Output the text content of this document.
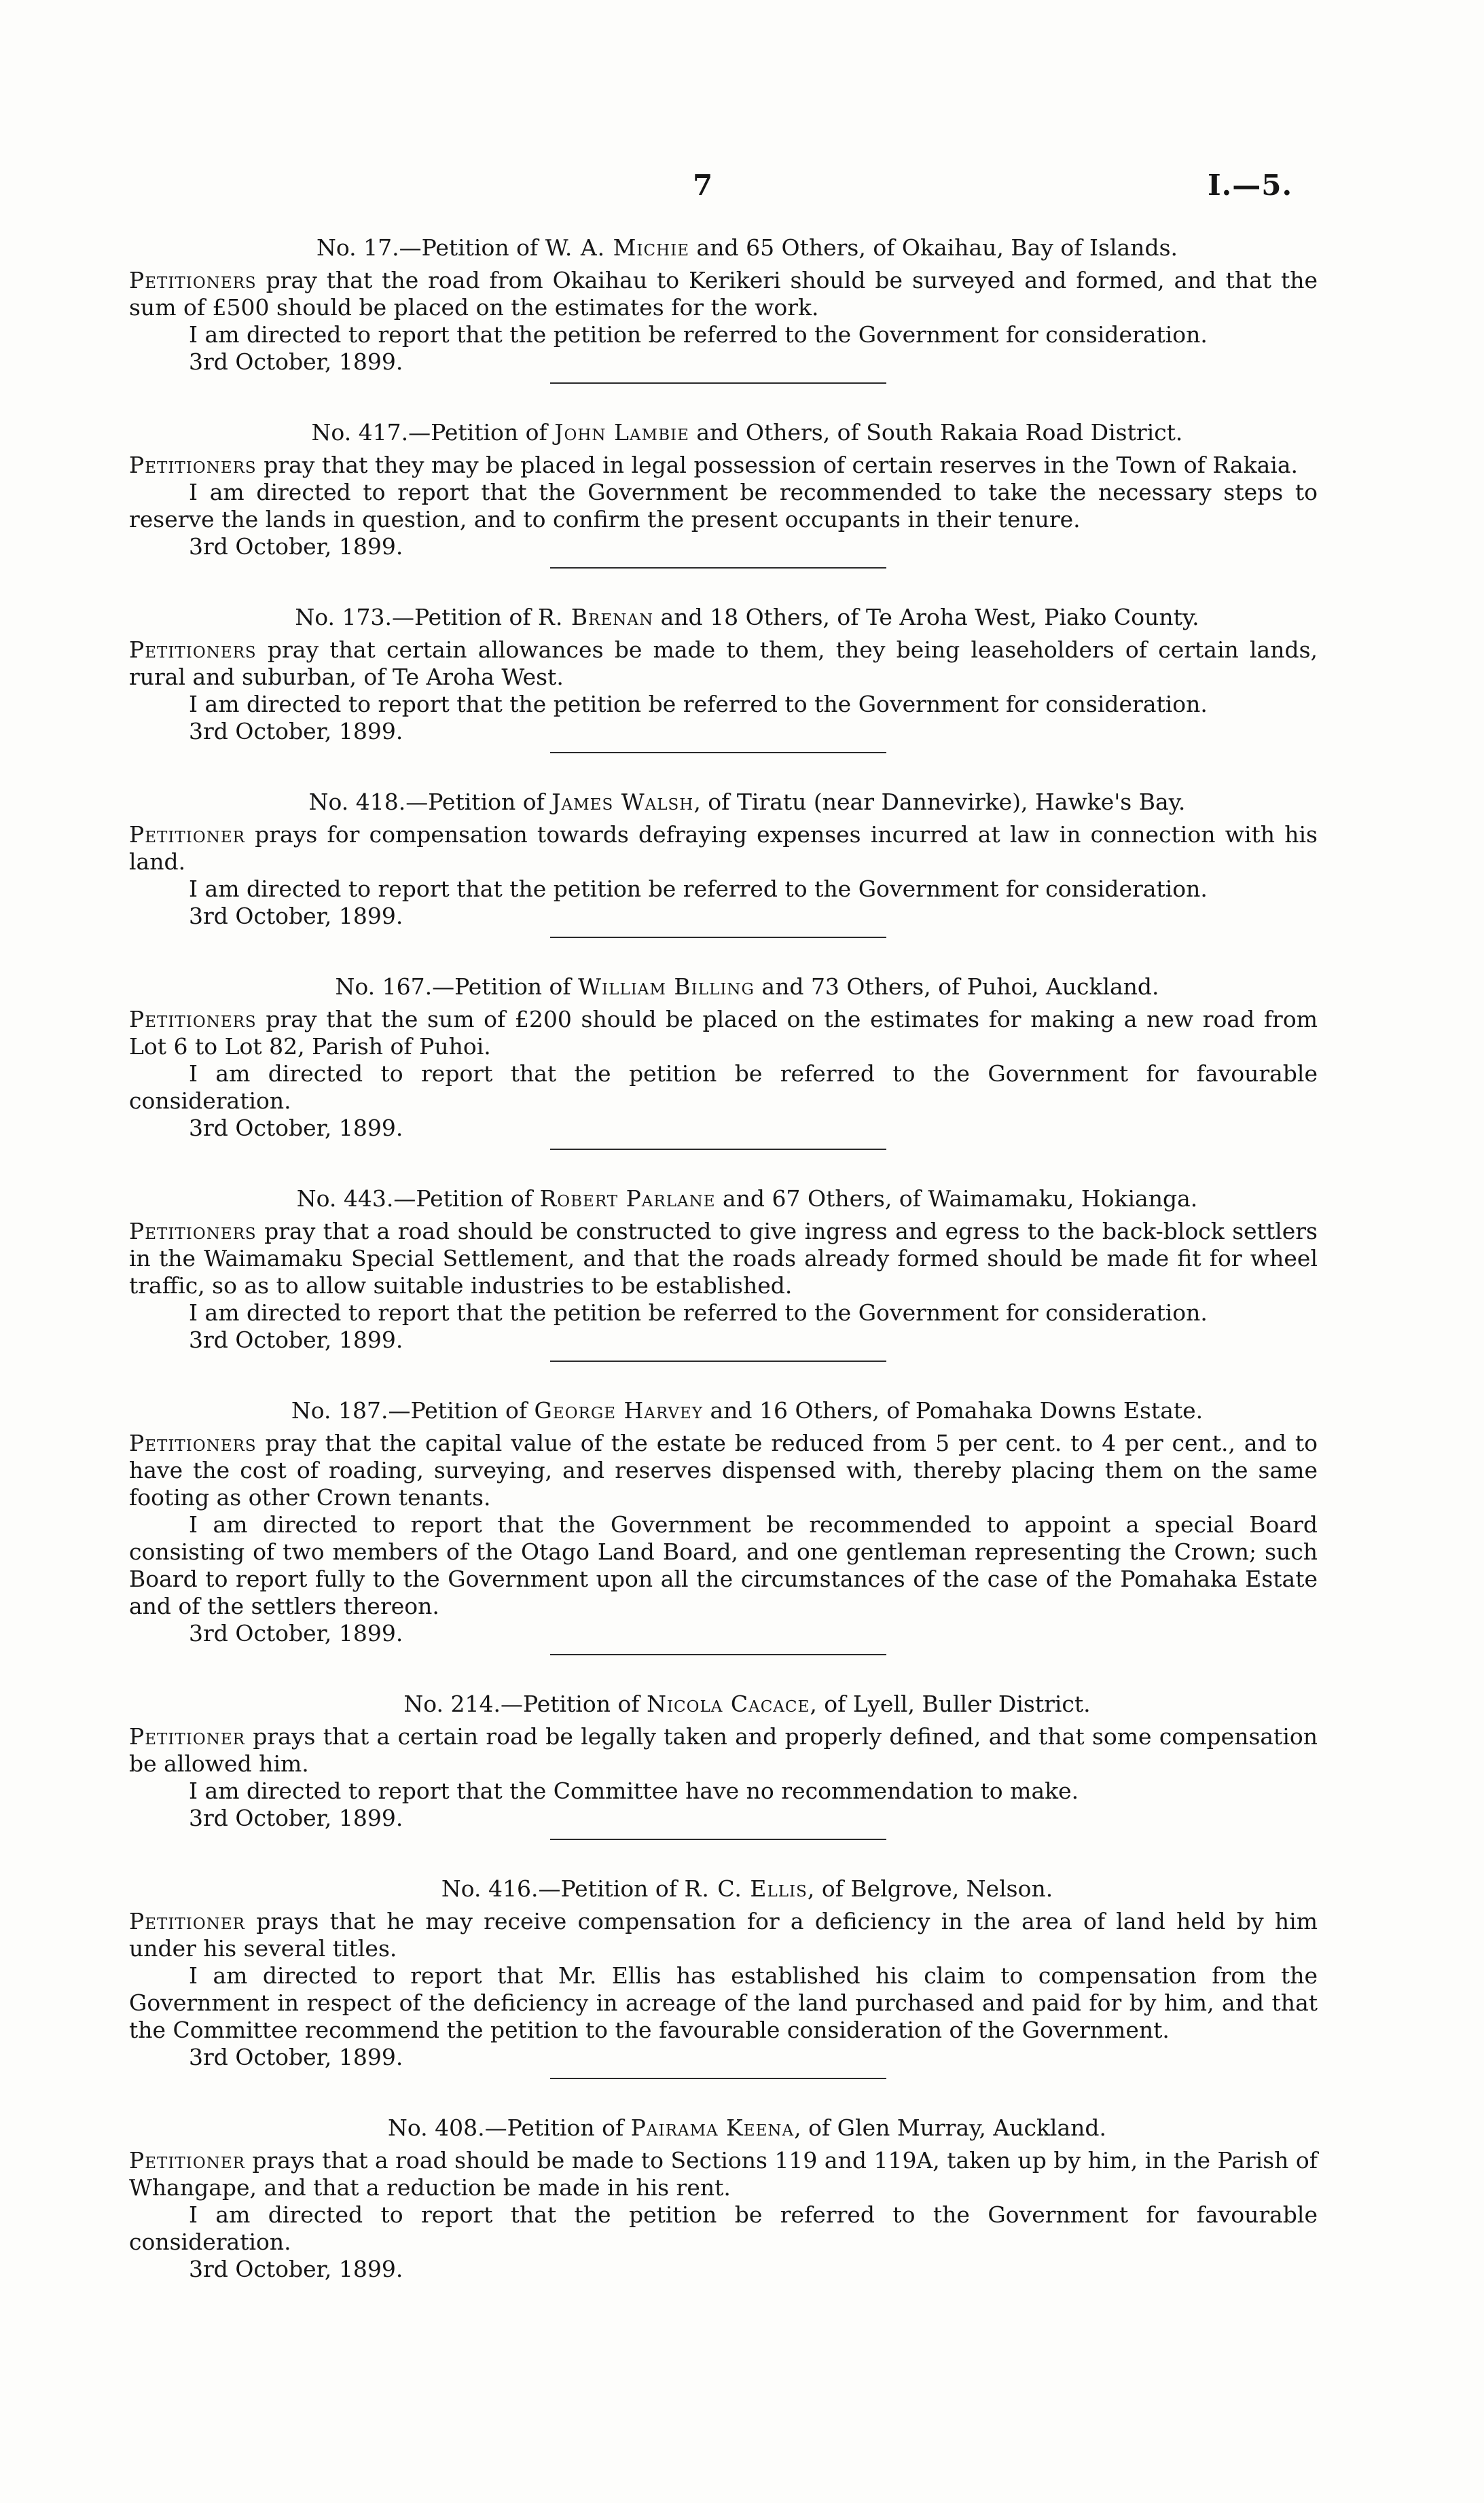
7	I.—5.

No. 17.—Petition of W. A. Michie and 65 Others, of Okaihau, Bay of Islands.

Petitioners pray that the road from Okaihau to Kerikeri should be surveyed and formed, and that the sum of £500 should be placed on the estimates for the work.

I am directed to report that the petition be referred to the Government for consideration.

3rd October, 1899.

No. 417.—Petition of John Lambie and Others, of South Rakaia Road District.

Petitioners pray that they may be placed in legal possession of certain reserves in the Town of Rakaia.

I am directed to report that the Government be recommended to take the necessary steps to reserve the lands in question, and to confirm the present occupants in their tenure.

3rd October, 1899.

No. 173.—Petition of R. Brenan and 18 Others, of Te Aroha West, Piako County.

Petitioners pray that certain allowances be made to them, they being leaseholders of certain lands, rural and suburban, of Te Aroha West.

I am directed to report that the petition be referred to the Government for consideration.

3rd October, 1899.

No. 418.—Petition of James Walsh, of Tiratu (near Dannevirke), Hawke's Bay.

Petitioner prays for compensation towards defraying expenses incurred at law in connection with his land.

I am directed to report that the petition be referred to the Government for consideration.

3rd October, 1899.

No. 167.—Petition of William Billing and 73 Others, of Puhoi, Auckland.

Petitioners pray that the sum of £200 should be placed on the estimates for making a new road from Lot 6 to Lot 82, Parish of Puhoi.

I am directed to report that the petition be referred to the Government for favourable consideration.

3rd October, 1899.

No. 443.—Petition of Robert Parlane and 67 Others, of Waimamaku, Hokianga.

Petitioners pray that a road should be constructed to give ingress and egress to the back-block settlers in the Waimamaku Special Settlement, and that the roads already formed should be made fit for wheel traffic, so as to allow suitable industries to be established.

I am directed to report that the petition be referred to the Government for consideration.

3rd October, 1899.

No. 187.—Petition of George Harvey and 16 Others, of Pomahaka Downs Estate.

Petitioners pray that the capital value of the estate be reduced from 5 per cent. to 4 per cent., and to have the cost of roading, surveying, and reserves dispensed with, thereby placing them on the same footing as other Crown tenants.

I am directed to report that the Government be recommended to appoint a special Board consisting of two members of the Otago Land Board, and one gentleman representing the Crown; such Board to report fully to the Government upon all the circumstances of the case of the Pomahaka Estate and of the settlers thereon.

3rd October, 1899.

No. 214.—Petition of Nicola Cacace, of Lyell, Buller District.

Petitioner prays that a certain road be legally taken and properly defined, and that some compensation be allowed him.

I am directed to report that the Committee have no recommendation to make.

3rd October, 1899.

No. 416.—Petition of R. C. Ellis, of Belgrove, Nelson.

Petitioner prays that he may receive compensation for a deficiency in the area of land held by him under his several titles.

I am directed to report that Mr. Ellis has established his claim to compensation from the Government in respect of the deficiency in acreage of the land purchased and paid for by him, and that the Committee recommend the petition to the favourable consideration of the Government.

3rd October, 1899.

No. 408.—Petition of Pairama Keena, of Glen Murray, Auckland.

Petitioner prays that a road should be made to Sections 119 and 119A, taken up by him, in the Parish of Whangape, and that a reduction be made in his rent.

I am directed to report that the petition be referred to the Government for favourable consideration.

3rd October, 1899.
